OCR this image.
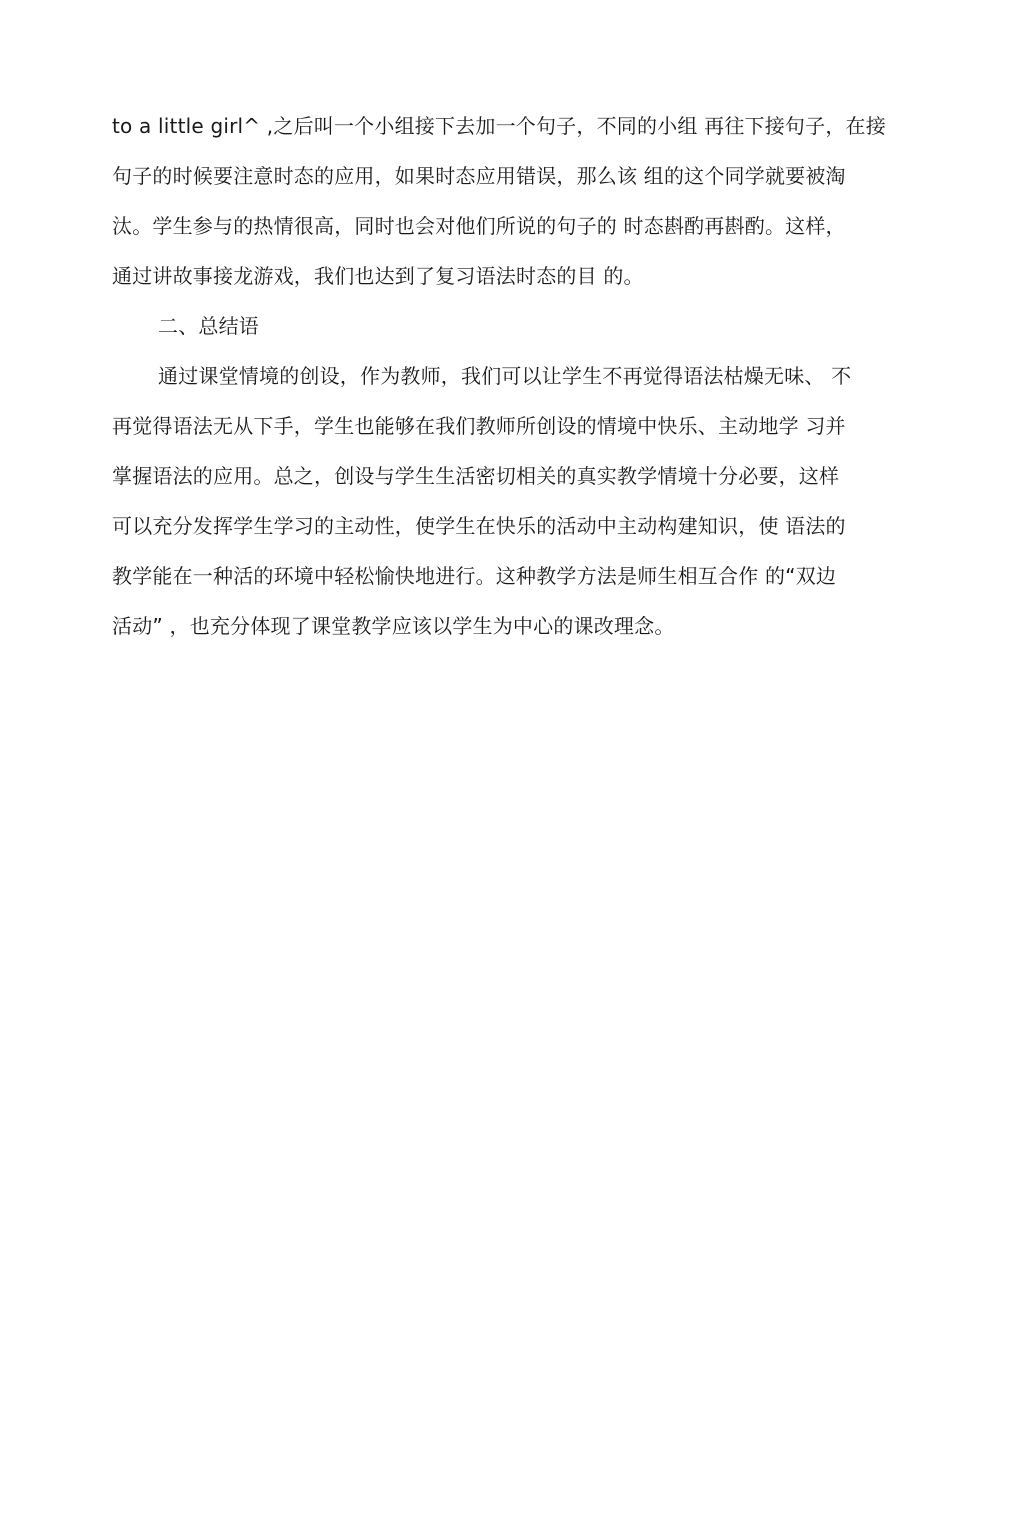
to a little girl^ ,之后叫一个小组接下去加一个句子，不同的小组 再往下接句子，在接
句子的时候要注意时态的应用，如果时态应用错误，那么该 组的这个同学就要被淘
汰。学生参与的热情很高，同时也会对他们所说的句子的 时态斟酌再斟酌。这样，
通过讲故事接龙游戏，我们也达到了复习语法时态的目 的。
二、总结语
通过课堂情境的创设，作为教师，我们可以让学生不再觉得语法枯燥无味、 不
再觉得语法无从下手，学生也能够在我们教师所创设的情境中快乐、主动地学 习并
掌握语法的应用。总之，创设与学生生活密切相关的真实教学情境十分必要，这样
可以充分发挥学生学习的主动性，使学生在快乐的活动中主动构建知识，使 语法的
教学能在一种活的环境中轻松愉快地进行。这种教学方法是师生相互合作 的“双边
活动” ，也充分体现了课堂教学应该以学生为中心的课改理念。
